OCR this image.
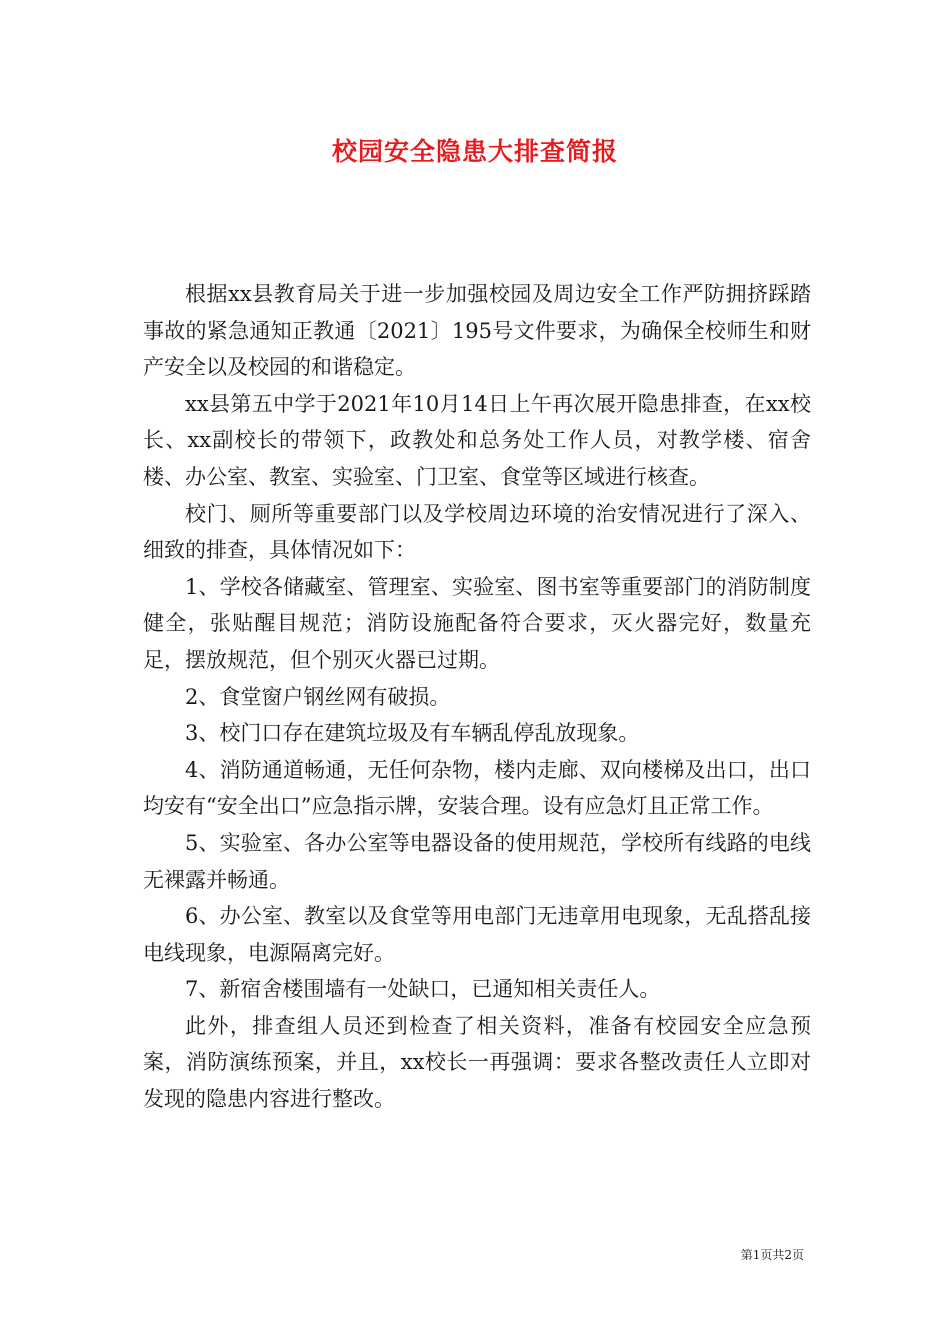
校园安全隐患大排查简报

根据xx县教育局关于进一步加强校园及周边安全工作严防拥挤踩踏事故的紧急通知正教通〔2021〕195号文件要求，为确保全校师生和财产安全以及校园的和谐稳定。

xx县第五中学于2021年10月14日上午再次展开隐患排查，在xx校长、xx副校长的带领下，政教处和总务处工作人员，对教学楼、宿舍楼、办公室、教室、实验室、门卫室、食堂等区域进行核查。

校门、厕所等重要部门以及学校周边环境的治安情况进行了深入、细致的排查，具体情况如下：

1、学校各储藏室、管理室、实验室、图书室等重要部门的消防制度健全，张贴醒目规范；消防设施配备符合要求，灭火器完好，数量充足，摆放规范，但个别灭火器已过期。

2、食堂窗户钢丝网有破损。

3、校门口存在建筑垃圾及有车辆乱停乱放现象。

4、消防通道畅通，无任何杂物，楼内走廊、双向楼梯及出口，出口均安有“安全出口”应急指示牌，安装合理。设有应急灯且正常工作。

5、实验室、各办公室等电器设备的使用规范，学校所有线路的电线无裸露并畅通。

6、办公室、教室以及食堂等用电部门无违章用电现象，无乱搭乱接电线现象，电源隔离完好。

7、新宿舍楼围墙有一处缺口，已通知相关责任人。

此外，排查组人员还到检查了相关资料，准备有校园安全应急预案，消防演练预案，并且，xx校长一再强调：要求各整改责任人立即对发现的隐患内容进行整改。

第1页共2页
